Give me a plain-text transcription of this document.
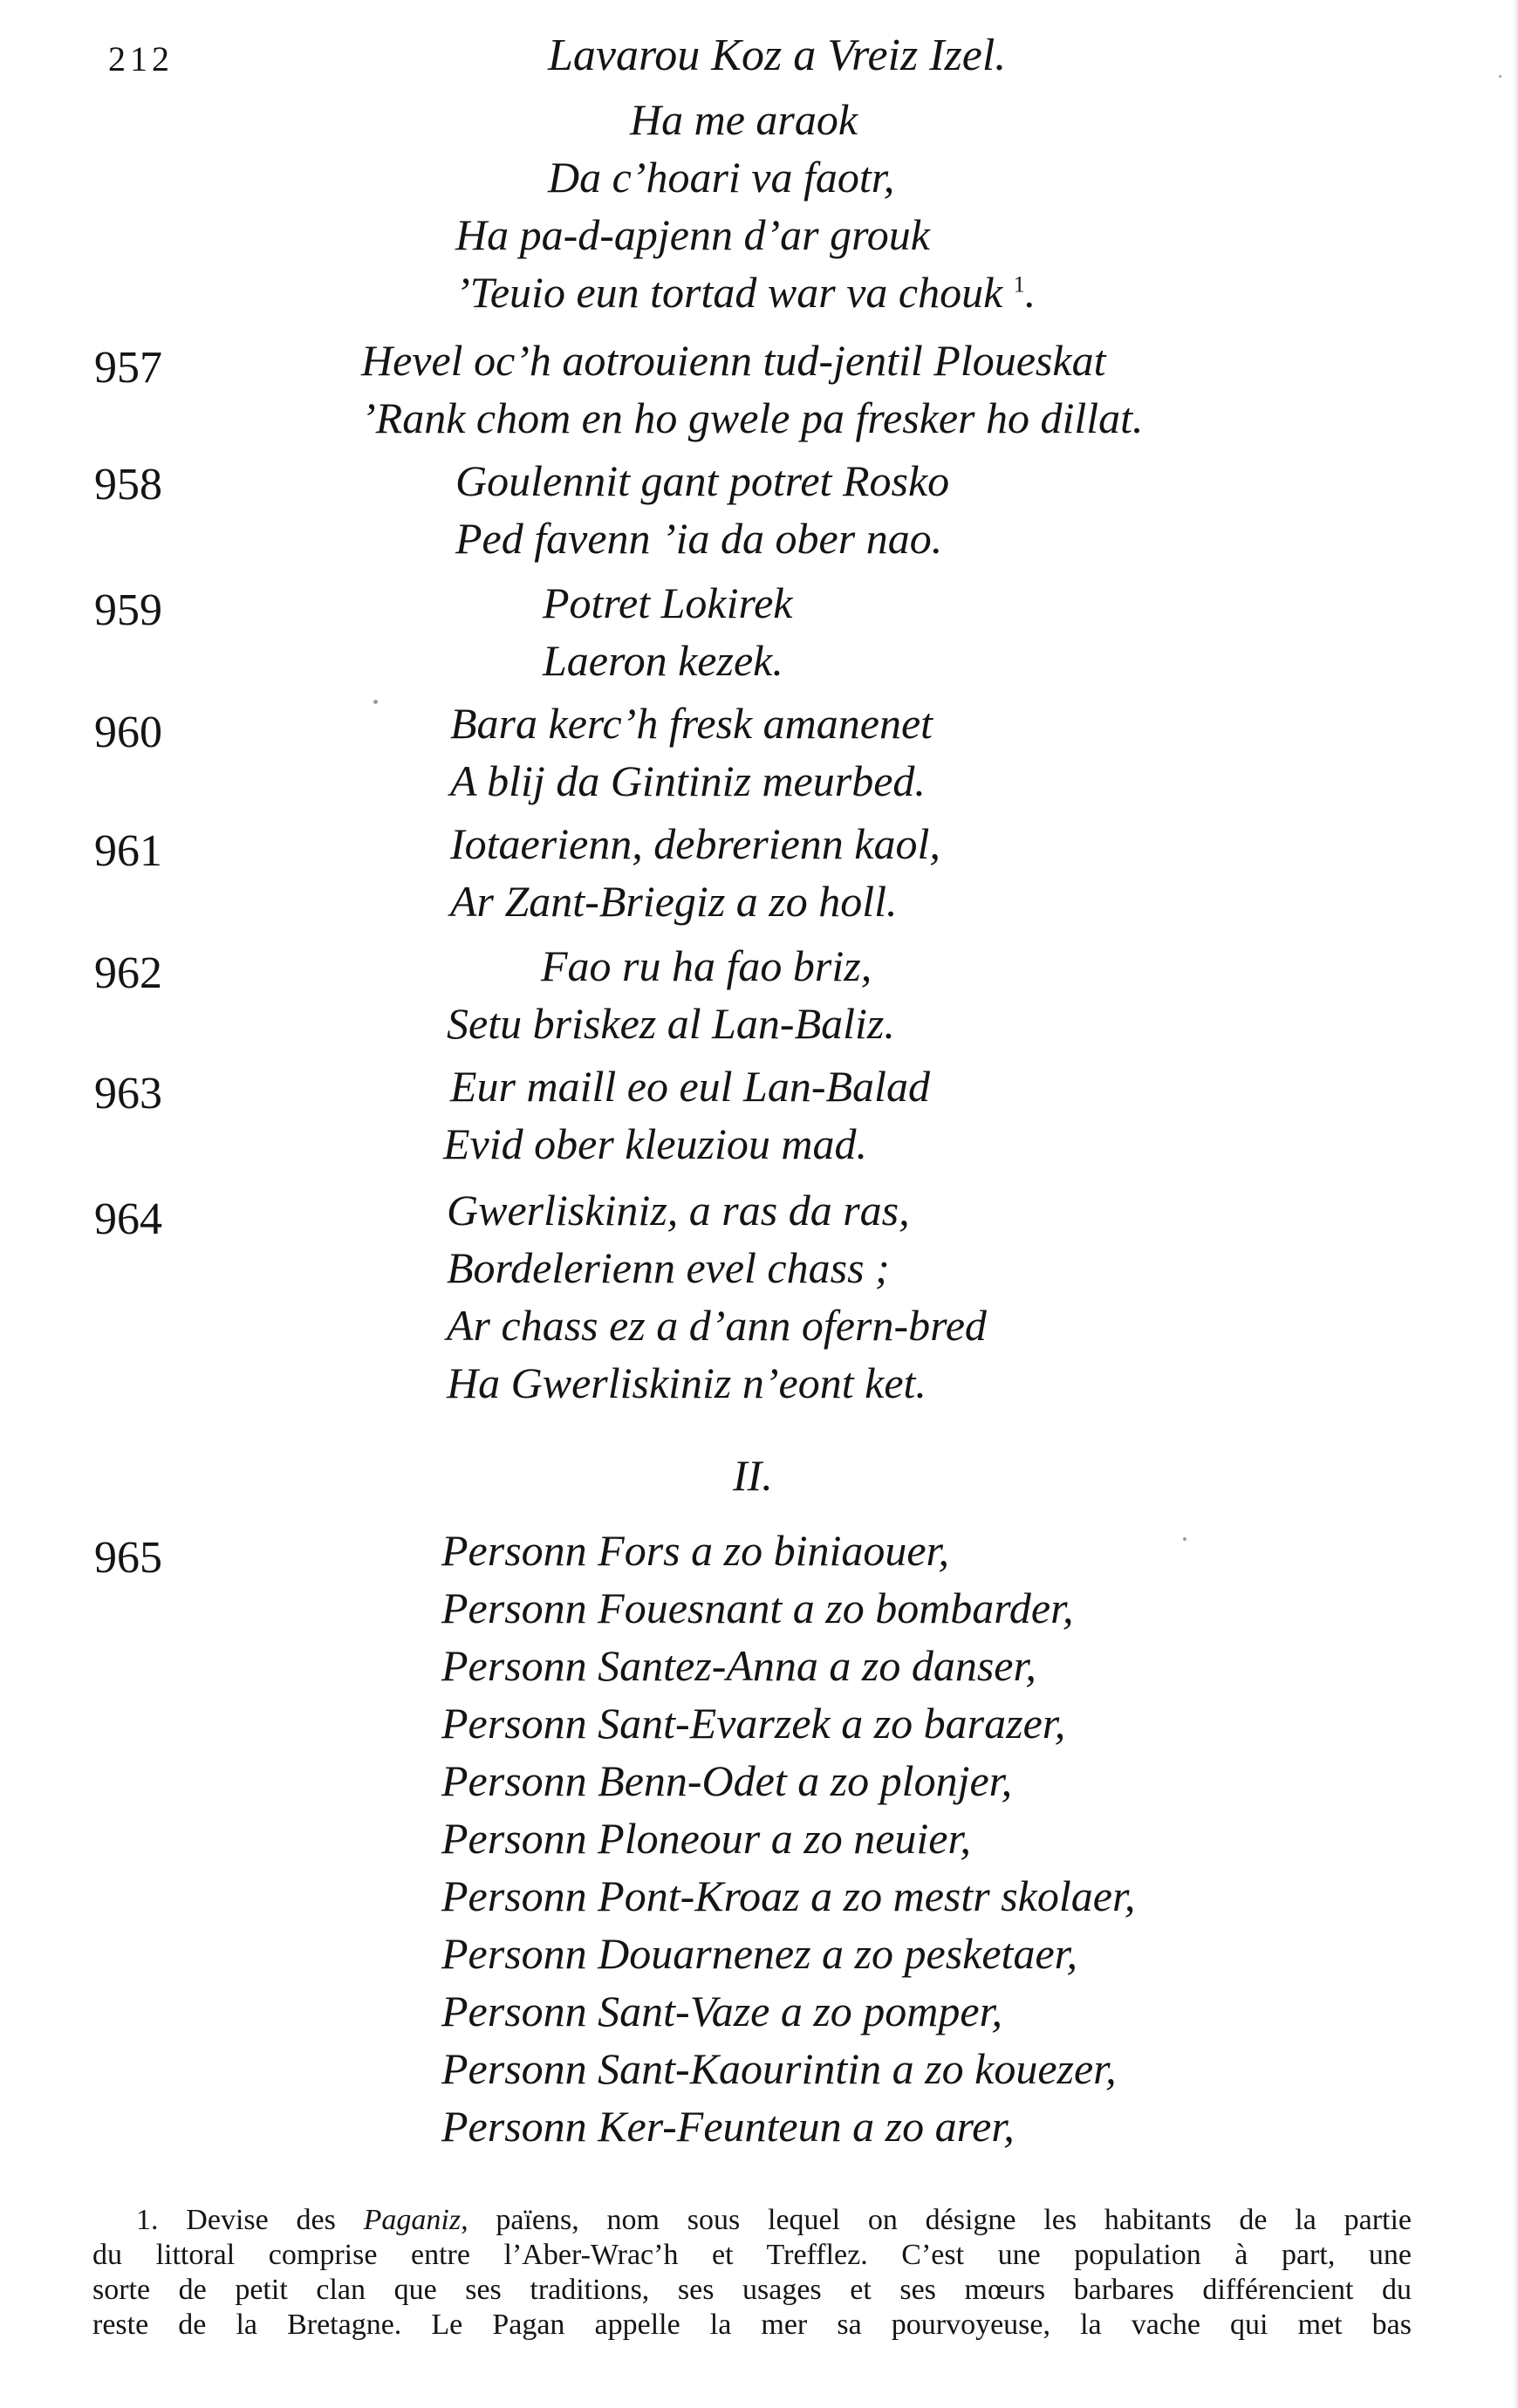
212	Lavarou Koz a Vreiz Izel.
Ha me araok
Da c’hoari va faotr,
Ha pa-d-apjenn d’ar grouk
’Teuio eun tortad war va chouk $^1$.
957	Hevel oc’h aotrouienn tud-jentil Ploueskat
’Rank chom en ho gwele pa fresker ho dillat.
958	Goulennit gant potret Rosko
Ped favenn ’ia da ober nao.
959	Potret Lokirek
Laeron kezek.
960	Bara kerc’h fresk amanenet
A blij da Gintiniz meurbed.
961	Iotaerienn, debrerienn kaol,
Ar Zant-Briegiz a zo holl.
962	Fao ru ha fao briz,
Setu briskez al Lan-Baliz.
963	Eur maill eo eul Lan-Balad
Evid ober kleuziou mad.
964	Gwerliskiniz, a ras da ras,
Bordelerienn evel chass ;
Ar chass ez a d’ann ofern-bred
Ha Gwerliskiniz n’eont ket.
II.
965	Personn Fors a zo biniaouer,
Personn Fouesnant a zo bombarder,
Personn Santez-Anna a zo danser,
Personn Sant-Evarzek a zo barazer,
Personn Benn-Odet a zo plonjer,
Personn Ploneour a zo neuier,
Personn Pont-Kroaz a zo mestr skolaer,
Personn Douarnenez a zo pesketaer,
Personn Sant-Vaze a zo pomper,
Personn Sant-Kaourintin a zo kouezer,
Personn Ker-Feunteun a zo arer,
1. Devise des Paganiz, païens, nom sous lequel on désigne les habitants de la partie
du littoral comprise entre l’Aber-Wrac’h et Trefflez. C’est une population à part, une
sorte de petit clan que ses traditions, ses usages et ses mœurs barbares différencient du
reste de la Bretagne. Le Pagan appelle la mer sa pourvoyeuse, la vache qui met bas
